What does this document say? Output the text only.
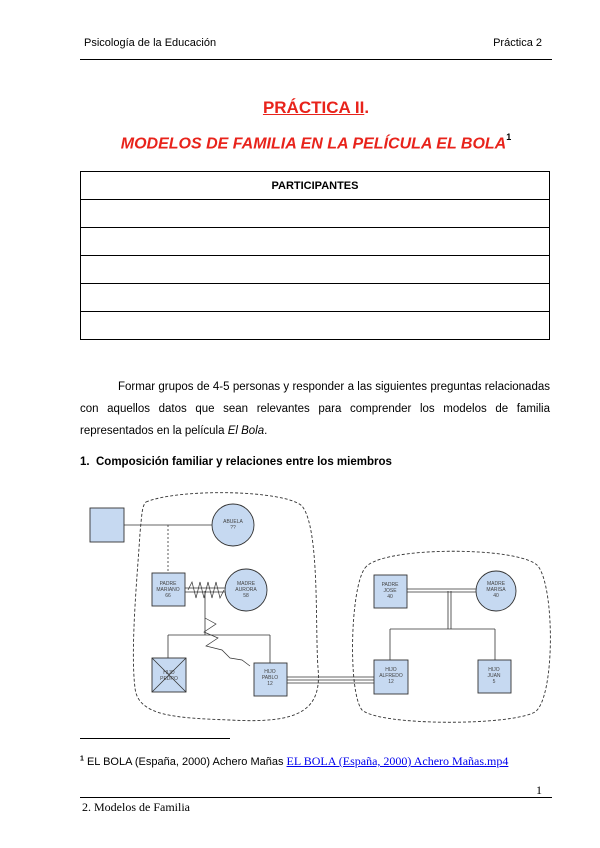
Psicología de la Educación	Práctica 2
PRÁCTICA II.
MODELOS DE FAMILIA EN LA PELÍCULA EL BOLA$^1$
PARTICIPANTES

Formar grupos de 4-5 personas y responder a las siguientes preguntas relacionadas con aquellos datos que sean relevantes para comprender los modelos de familia representados en la película El Bola.
1. Composición familiar y relaciones entre los miembros
ABUELA
??
PADRE
MARIANO
66
MADRE
AURORA
58
HIJO
PEDRO
HIJO
PABLO
12
PADRE
JOSE
40
MADRE
MARISA
40
HIJO
ALFREDO
12
HIJO
JUAN
5
$^1$ EL BOLA (España, 2000) Achero Mañas EL BOLA (España, 2000) Achero Mañas.mp4
1
2. Modelos de Familia
